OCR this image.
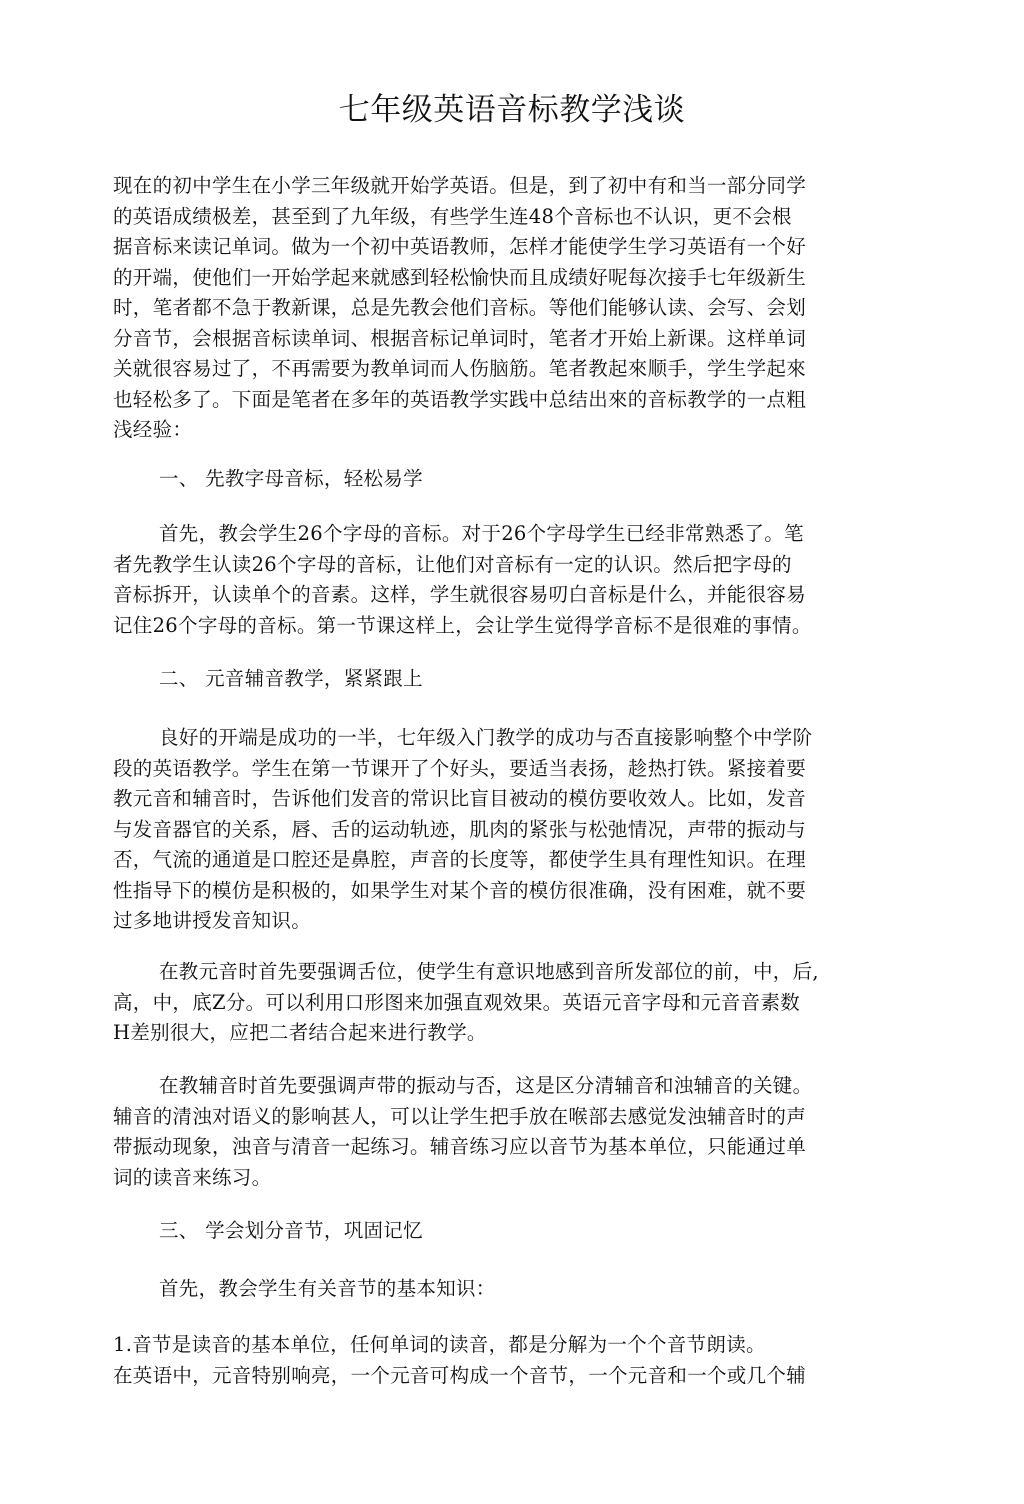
七年级英语音标教学浅谈

现在的初中学生在小学三年级就开始学英语。但是，到了初中有和当一部分同学
的英语成绩极差，甚至到了九年级，有些学生连48个音标也不认识，更不会根
据音标来读记单词。做为一个初中英语教师，怎样才能使学生学习英语有一个好
的开端，使他们一开始学起来就感到轻松愉快而且成绩好呢每次接手七年级新生
时，笔者都不急于教新课，总是先教会他们音标。等他们能够认读、会写、会划
分音节，会根据音标读单词、根据音标记单词时，笔者才开始上新课。这样单词
关就很容易过了，不再需要为教单词而人伤脑筋。笔者教起來顺手，学生学起來
也轻松多了。下面是笔者在多年的英语教学实践中总结出來的音标教学的一点粗
浅经验：

一、 先教字母音标，轻松易学

首先，教会学生26个字母的音标。对于26个字母学生已经非常熟悉了。笔
者先教学生认读26个字母的音标，让他们对音标有一定的认识。然后把字母的
音标拆开，认读单个的音素。这样，学生就很容易叨白音标是什么，并能很容易
记住26个字母的音标。第一节课这样上，会让学生觉得学音标不是很难的事情。

二、 元音辅音教学，紧紧跟上

良好的开端是成功的一半，七年级入门教学的成功与否直接影响整个中学阶
段的英语教学。学生在第一节课开了个好头，要适当表扬，趁热打铁。紧接着要
教元音和辅音时，告诉他们发音的常识比盲目被动的模仿要收效人。比如，发音
与发音器官的关系，唇、舌的运动轨迹，肌肉的紧张与松弛情况，声带的振动与
否，气流的通道是口腔还是鼻腔，声音的长度等，都使学生具有理性知识。在理
性指导下的模仿是积极的，如果学生对某个音的模仿很准确，没有困难，就不要
过多地讲授发音知识。

在教元音时首先要强调舌位，使学生有意识地感到音所发部位的前，中，后,
高，中，底Z分。可以利用口形图来加强直观效果。英语元音字母和元音音素数
H差别很大，应把二者结合起来进行教学。

在教辅音时首先要强调声带的振动与否，这是区分清辅音和浊辅音的关键。
辅音的清浊对语义的影响甚人，可以让学生把手放在喉部去感觉发浊辅音时的声
带振动现象，浊音与清音一起练习。辅音练习应以音节为基本单位，只能通过单
词的读音来练习。

三、 学会划分音节，巩固记忆

首先，教会学生有关音节的基本知识：

1.音节是读音的基本单位，任何单词的读音，都是分解为一个个音节朗读。
在英语中，元音特别响亮，一个元音可构成一个音节，一个元音和一个或几个辅
